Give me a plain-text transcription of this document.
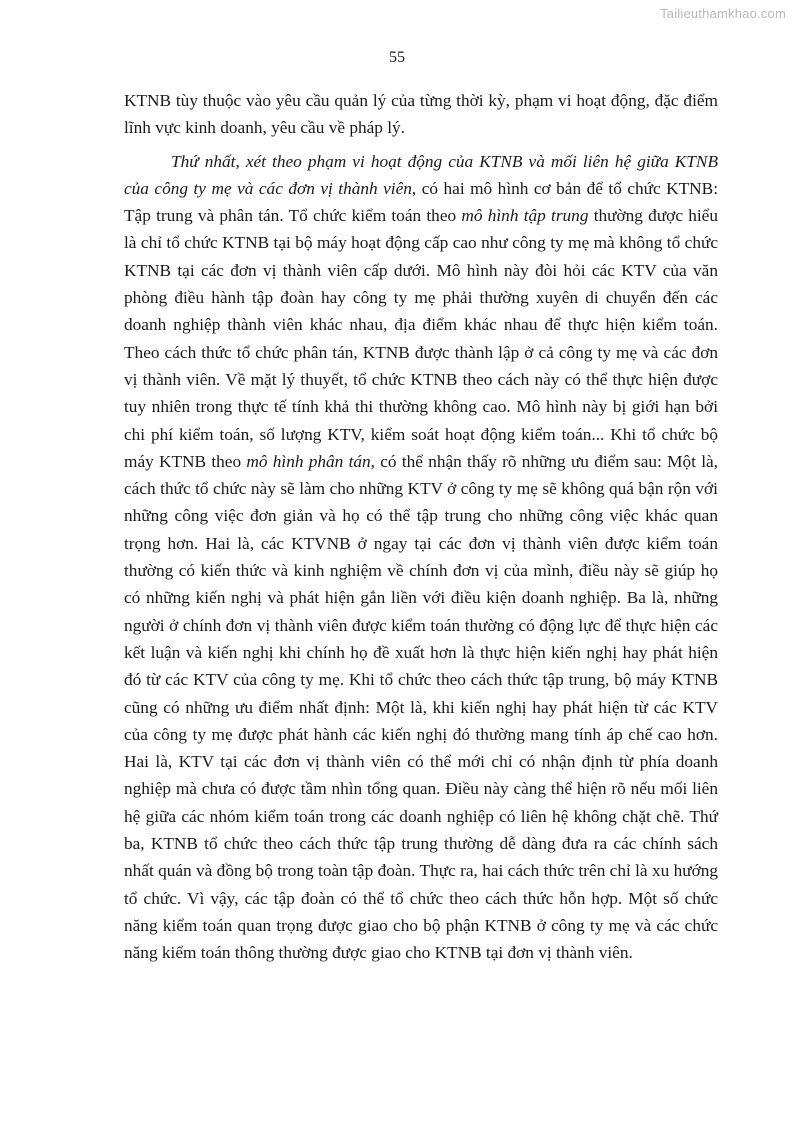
Tailieuthamkhao.com
55

KTNB tùy thuộc vào yêu cầu quản lý của từng thời kỳ, phạm vi hoạt động, đặc điểm lĩnh vực kinh doanh, yêu cầu về pháp lý.

Thứ nhất, xét theo phạm vi hoạt động của KTNB và mối liên hệ giữa KTNB của công ty mẹ và các đơn vị thành viên, có hai mô hình cơ bản để tổ chức KTNB: Tập trung và phân tán. Tổ chức kiểm toán theo mô hình tập trung thường được hiểu là chỉ tổ chức KTNB tại bộ máy hoạt động cấp cao như công ty mẹ mà không tổ chức KTNB tại các đơn vị thành viên cấp dưới. Mô hình này đòi hỏi các KTV của văn phòng điều hành tập đoàn hay công ty mẹ phải thường xuyên di chuyển đến các doanh nghiệp thành viên khác nhau, địa điểm khác nhau để thực hiện kiểm toán. Theo cách thức tổ chức phân tán, KTNB được thành lập ở cả công ty mẹ và các đơn vị thành viên. Về mặt lý thuyết, tổ chức KTNB theo cách này có thể thực hiện được tuy nhiên trong thực tế tính khả thi thường không cao. Mô hình này bị giới hạn bởi chi phí kiểm toán, số lượng KTV, kiểm soát hoạt động kiểm toán... Khi tổ chức bộ máy KTNB theo mô hình phân tán, có thể nhận thấy rõ những ưu điểm sau: Một là, cách thức tổ chức này sẽ làm cho những KTV ở công ty mẹ sẽ không quá bận rộn với những công việc đơn giản và họ có thể tập trung cho những công việc khác quan trọng hơn. Hai là, các KTVNB ở ngay tại các đơn vị thành viên được kiểm toán thường có kiến thức và kinh nghiệm về chính đơn vị của mình, điều này sẽ giúp họ có những kiến nghị và phát hiện gắn liền với điều kiện doanh nghiệp. Ba là, những người ở chính đơn vị thành viên được kiểm toán thường có động lực để thực hiện các kết luận và kiến nghị khi chính họ đề xuất hơn là thực hiện kiến nghị hay phát hiện đó từ các KTV của công ty mẹ. Khi tổ chức theo cách thức tập trung, bộ máy KTNB cũng có những ưu điểm nhất định: Một là, khi kiến nghị hay phát hiện từ các KTV của công ty mẹ được phát hành các kiến nghị đó thường mang tính áp chế cao hơn. Hai là, KTV tại các đơn vị thành viên có thể mới chỉ có nhận định từ phía doanh nghiệp mà chưa có được tầm nhìn tổng quan. Điều này càng thể hiện rõ nếu mối liên hệ giữa các nhóm kiểm toán trong các doanh nghiệp có liên hệ không chặt chẽ. Thứ ba, KTNB tổ chức theo cách thức tập trung thường dễ dàng đưa ra các chính sách nhất quán và đồng bộ trong toàn tập đoàn. Thực ra, hai cách thức trên chỉ là xu hướng tổ chức. Vì vậy, các tập đoàn có thể tổ chức theo cách thức hỗn hợp. Một số chức năng kiểm toán quan trọng được giao cho bộ phận KTNB ở công ty mẹ và các chức năng kiểm toán thông thường được giao cho KTNB tại đơn vị thành viên.
